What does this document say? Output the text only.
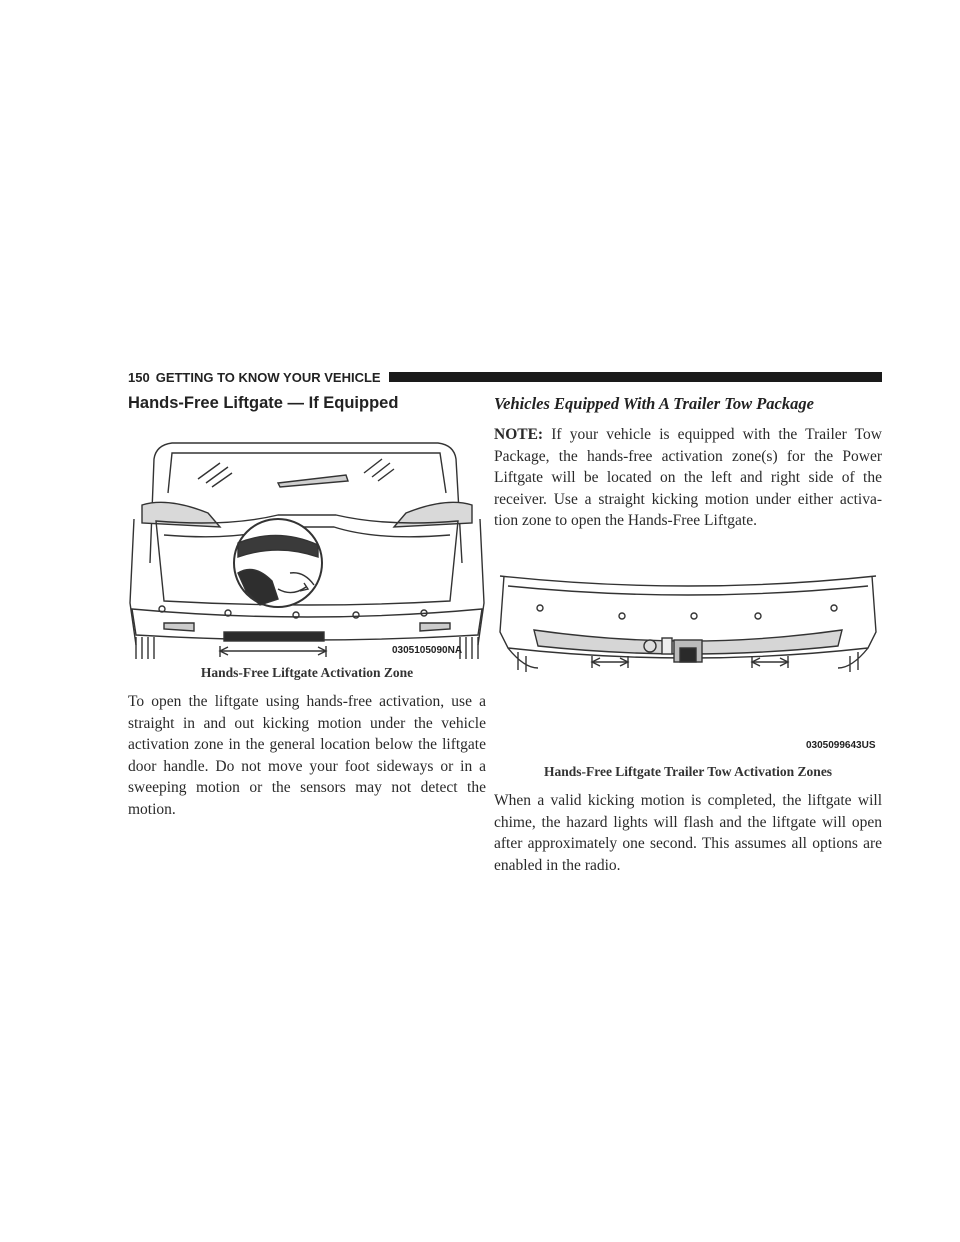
150 GETTING TO KNOW YOUR VEHICLE
Hands-Free Liftgate — If Equipped
0305105090NA
Hands-Free Liftgate Activation Zone

To open the liftgate using hands-free activation, use a straight in and out kicking motion under the vehicle activation zone in the general location below the liftgate door handle. Do not move your foot sideways or in a sweeping motion or the sensors may not detect the motion.

Vehicles Equipped With A Trailer Tow Package

NOTE: If your vehicle is equipped with the Trailer Tow Package, the hands-free activation zone(s) for the Power Liftgate will be located on the left and right side of the receiver. Use a straight kicking motion under either activa-tion zone to open the Hands-Free Liftgate.

0305099643US
Hands-Free Liftgate Trailer Tow Activation Zones

When a valid kicking motion is completed, the liftgate will chime, the hazard lights will flash and the liftgate will open after approximately one second. This assumes all options are enabled in the radio.
